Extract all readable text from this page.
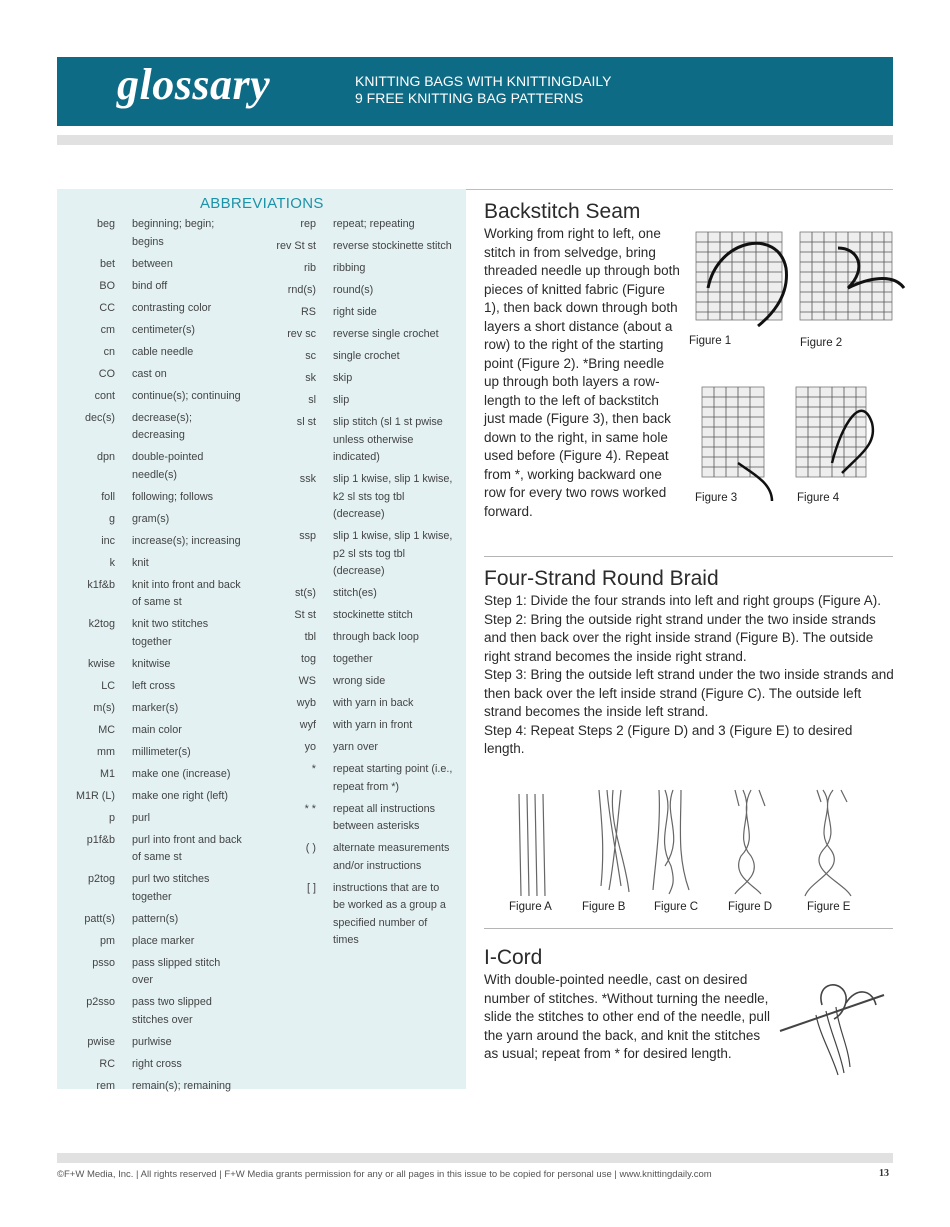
glossary	KNITTING BAGS WITH KNITTINGDAILY
9 FREE KNITTING BAG PATTERNS
ABBREVIATIONS
beg	beginning; begin; begins
bet	between
BO	bind off
CC	contrasting color
cm	centimeter(s)
cn	cable needle
CO	cast on
cont	continue(s); continuing
dec(s)	decrease(s); decreasing
dpn	double-pointed needle(s)
foll	following; follows
g	gram(s)
inc	increase(s); increasing
k	knit
k1f&b	knit into front and back of same st
k2tog	knit two stitches together
kwise	knitwise
LC	left cross
m(s)	marker(s)
MC	main color
mm	millimeter(s)
M1	make one (increase)
M1R (L)	make one right (left)
p	purl
p1f&b	purl into front and back of same st
p2tog	purl two stitches together
patt(s)	pattern(s)
pm	place marker
psso	pass slipped stitch over
p2sso	pass two slipped stitches over
pwise	purlwise
RC	right cross
rem	remain(s); remaining
rep	repeat; repeating
rev St st	reverse stockinette stitch
rib	ribbing
rnd(s)	round(s)
RS	right side
rev sc	reverse single crochet
sc	single crochet
sk	skip
sl	slip
sl st	slip stitch (sl 1 st pwise unless otherwise indicated)
ssk	slip 1 kwise, slip 1 kwise, k2 sl sts tog tbl (decrease)
ssp	slip 1 kwise, slip 1 kwise, p2 sl sts tog tbl (decrease)
st(s)	stitch(es)
St st	stockinette stitch
tbl	through back loop
tog	together
WS	wrong side
wyb	with yarn in back
wyf	with yarn in front
yo	yarn over
*	repeat starting point (i.e., repeat from *)
* *	repeat all instructions between asterisks
( )	alternate measurements and/or instructions
[ ]	instructions that are to be worked as a group a specified number of times
Backstitch Seam
Working from right to left, one stitch in from selvedge, bring threaded needle up through both pieces of knitted fabric (Figure 1), then back down through both layers a short distance (about a row) to the right of the starting point (Figure 2). *Bring needle up through both layers a row-length to the left of backstitch just made (Figure 3), then back down to the right, in same hole used before (Figure 4). Repeat from *, working backward one row for every two rows worked forward.
Figure 1	Figure 2
Figure 3	Figure 4
Four-Strand Round Braid
Step 1: Divide the four strands into left and right groups (Figure A).
Step 2: Bring the outside right strand under the two inside strands and then back over the right inside strand (Figure B). The outside right strand becomes the inside right strand.
Step 3: Bring the outside left strand under the two inside strands and then back over the left inside strand (Figure C). The outside left strand becomes the inside left strand.
Step 4: Repeat Steps 2 (Figure D) and 3 (Figure E) to desired length.
Figure A	Figure B Figure C	Figure D	Figure E
I-Cord
With double-pointed needle, cast on desired number of stitches. *Without turning the needle, slide the stitches to other end of the needle, pull the yarn around the back, and knit the stitches as usual; repeat from * for desired length.
©F+W Media, Inc. | All rights reserved | F+W Media grants permission for any or all pages in this issue to be copied for personal use | www.knittingdaily.com	13
